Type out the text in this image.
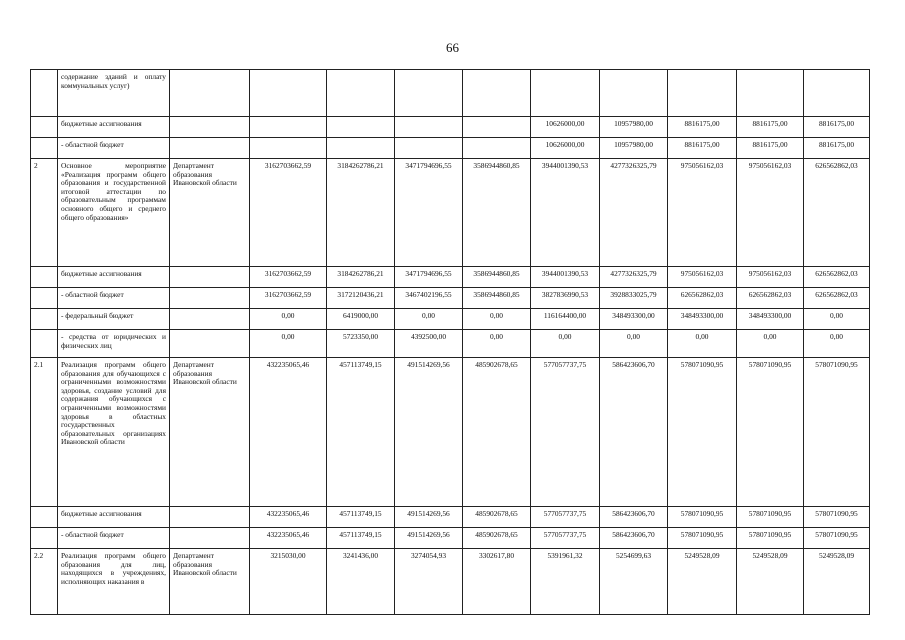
66
	содержание зданий и оплату коммунальных услуг)										
	бюджетные ассигнования						10626000,00	10957980,00	8816175,00	8816175,00	8816175,00
	- областной бюджет						10626000,00	10957980,00	8816175,00	8816175,00	8816175,00
2	Основное мероприятие «Реализация программ общего образования и государственной итоговой аттестации по образовательным программам основного общего и среднего общего образования»	Департамент образования Ивановской области	3162703662,59	3184262786,21	3471794696,55	3586944860,85	3944001390,53	4277326325,79	975056162,03	975056162,03	626562862,03
	бюджетные ассигнования		3162703662,59	3184262786,21	3471794696,55	3586944860,85	3944001390,53	4277326325,79	975056162,03	975056162,03	626562862,03
	- областной бюджет		3162703662,59	3172120436,21	3467402196,55	3586944860,85	3827836990,53	3928833025,79	626562862,03	626562862,03	626562862,03
	- федеральный бюджет		0,00	6419000,00	0,00	0,00	116164400,00	348493300,00	348493300,00	348493300,00	0,00
	- средства от юридических и физических лиц		0,00	5723350,00	4392500,00	0,00	0,00	0,00	0,00	0,00	0,00
2.1	Реализация программ общего образования для обучающихся с ограниченными возможностями здоровья, создание условий для содержания обучающихся с ограниченными возможностями здоровья в областных государственных образовательных организациях Ивановской области	Департамент образования Ивановской области	432235065,46	457113749,15	491514269,56	485902678,65	577057737,75	586423606,70	578071090,95	578071090,95	578071090,95
	бюджетные ассигнования		432235065,46	457113749,15	491514269,56	485902678,65	577057737,75	586423606,70	578071090,95	578071090,95	578071090,95
	- областной бюджет		432235065,46	457113749,15	491514269,56	485902678,65	577057737,75	586423606,70	578071090,95	578071090,95	578071090,95
2.2	Реализация программ общего образования для лиц, находящихся в учреждениях, исполняющих наказания в	Департамент образования Ивановской области	3215030,00	3241436,00	3274054,93	3302617,80	5391961,32	5254699,63	5249528,09	5249528,09	5249528,09
